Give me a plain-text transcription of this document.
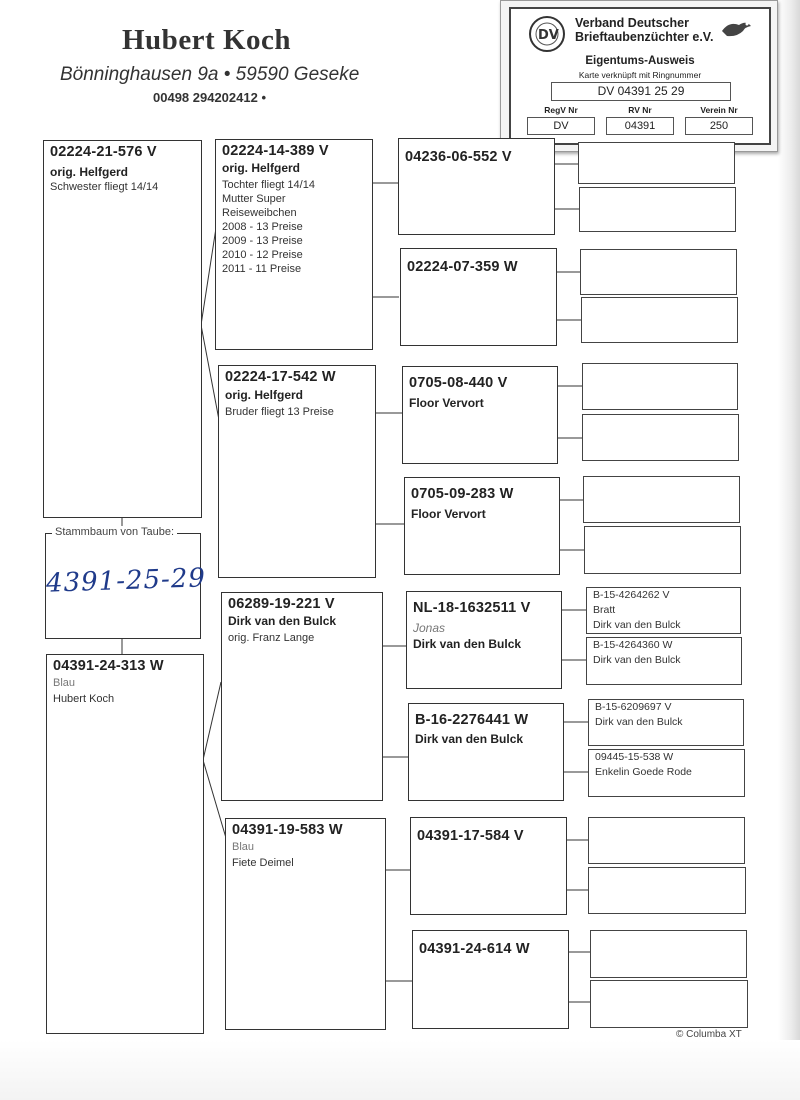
Hubert Koch
Bönninghausen 9a • 59590 Geseke
00498 294202412 •
DV
Verband Deutscher
Brieftaubenzüchter e.V.
Eigentums-Ausweis
Karte verknüpft mit Ringnummer
DV 04391 25 29
RegV Nr	RV Nr	Verein Nr
DV	04391	250
02224-21-576 V
orig. Helfgerd
Schwester fliegt 14/14
Stammbaum von Taube:
4391-25-29
04391-24-313 W
Blau
Hubert Koch
02224-14-389 V
orig. Helfgerd
Tochter fliegt 14/14
Mutter Super
Reiseweibchen
2008 - 13 Preise
2009 - 13 Preise
2010 - 12 Preise
2011 - 11 Preise
02224-17-542 W
orig. Helfgerd
Bruder fliegt 13 Preise
06289-19-221 V
Dirk van den Bulck
orig. Franz Lange
04391-19-583 W
Blau
Fiete Deimel
04236-06-552 V
02224-07-359 W
0705-08-440 V
Floor Vervort
0705-09-283 W
Floor Vervort
NL-18-1632511 V
Jonas
Dirk van den Bulck
B-16-2276441 W
Dirk van den Bulck
04391-17-584 V
04391-24-614 W
B-15-4264262 V
Bratt
Dirk van den Bulck
B-15-4264360 W
Dirk van den Bulck
B-15-6209697 V
Dirk van den Bulck
09445-15-538 W
Enkelin Goede Rode
© Columba XT
